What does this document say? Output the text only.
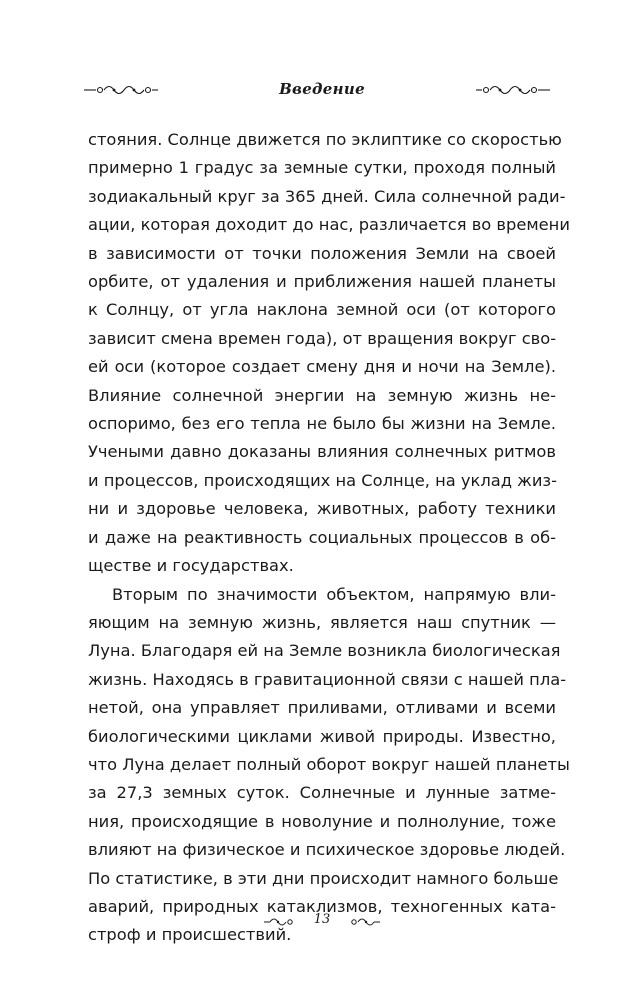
Введение
стояния. Солнце движется по эклиптике со скоростью
примерно 1 градус за земные сутки, проходя полный
зодиакальный круг за 365 дней. Сила солнечной ради-
ации, которая доходит до нас, различается во времени
в зависимости от точки положения Земли на своей
орбите, от удаления и приближения нашей планеты
к Солнцу, от угла наклона земной оси (от которого
зависит смена времен года), от вращения вокруг сво-
ей оси (которое создает смену дня и ночи на Земле).
Влияние солнечной энергии на земную жизнь не-
оспоримо, без его тепла не было бы жизни на Земле.
Учеными давно доказаны влияния солнечных ритмов
и процессов, происходящих на Солнце, на уклад жиз-
ни и здоровье человека, животных, работу техники
и даже на реактивность социальных процессов в об-
ществе и государствах.
Вторым по значимости объектом, напрямую вли-
яющим на земную жизнь, является наш спутник —
Луна. Благодаря ей на Земле возникла биологическая
жизнь. Находясь в гравитационной связи с нашей пла-
нетой, она управляет приливами, отливами и всеми
биологическими циклами живой природы. Известно,
что Луна делает полный оборот вокруг нашей планеты
за 27,3 земных суток. Солнечные и лунные затме-
ния, происходящие в новолуние и полнолуние, тоже
влияют на физическое и психическое здоровье людей.
По статистике, в эти дни происходит намного больше
аварий, природных катаклизмов, техногенных ката-
строф и происшествий.
13
